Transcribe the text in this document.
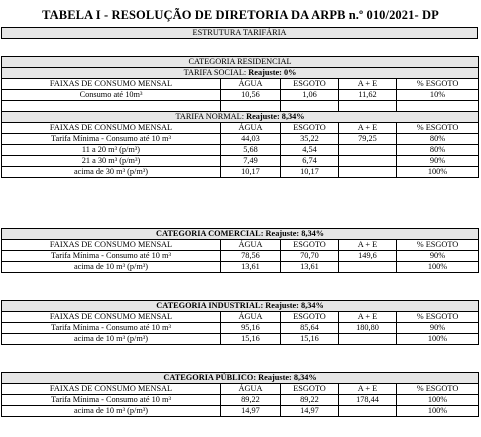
TABELA I - RESOLUÇÃO DE DIRETORIA DA ARPB n.º 010/2021- DP
ESTRUTURA TARIFÁRIA
CATEGORIA RESIDENCIAL				
TARIFA SOCIAL: Reajuste: 0%				
FAIXAS DE CONSUMO MENSAL	ÁGUA	ESGOTO	A + E	% ESGOTO
Consumo até 10m³	10,56	1,06	11,62	10%

TARIFA NORMAL: Reajuste: 8,34%				
FAIXAS DE CONSUMO MENSAL	ÁGUA	ESGOTO	A + E	% ESGOTO
Tarifa Mínima - Consumo até 10 m³	44,03	35,22	79,25	80%
11 a 20 m³ (p/m³)	5,68	4,54		80%
21 a 30 m³ (p/m³)	7,49	6,74		90%
acima de 30 m³ (p/m³)	10,17	10,17		100%
CATEGORIA COMERCIAL: Reajuste: 8,34%				
FAIXAS DE CONSUMO MENSAL	ÁGUA	ESGOTO	A + E	% ESGOTO
Tarifa Mínima - Consumo até 10 m³	78,56	70,70	149,6	90%
acima de 10 m³ (p/m³)	13,61	13,61		100%
CATEGORIA INDUSTRIAL: Reajuste: 8,34%				
FAIXAS DE CONSUMO MENSAL	ÁGUA	ESGOTO	A + E	% ESGOTO
Tarifa Mínima - Consumo até 10 m³	95,16	85,64	180,80	90%
acima de 10 m³ (p/m³)	15,16	15,16		100%
CATEGORIA PÚBLICO: Reajuste: 8,34%				
FAIXAS DE CONSUMO MENSAL	ÁGUA	ESGOTO	A + E	% ESGOTO
Tarifa Mínima - Consumo até 10 m³	89,22	89,22	178,44	100%
acima de 10 m³ (p/m³)	14,97	14,97		100%
